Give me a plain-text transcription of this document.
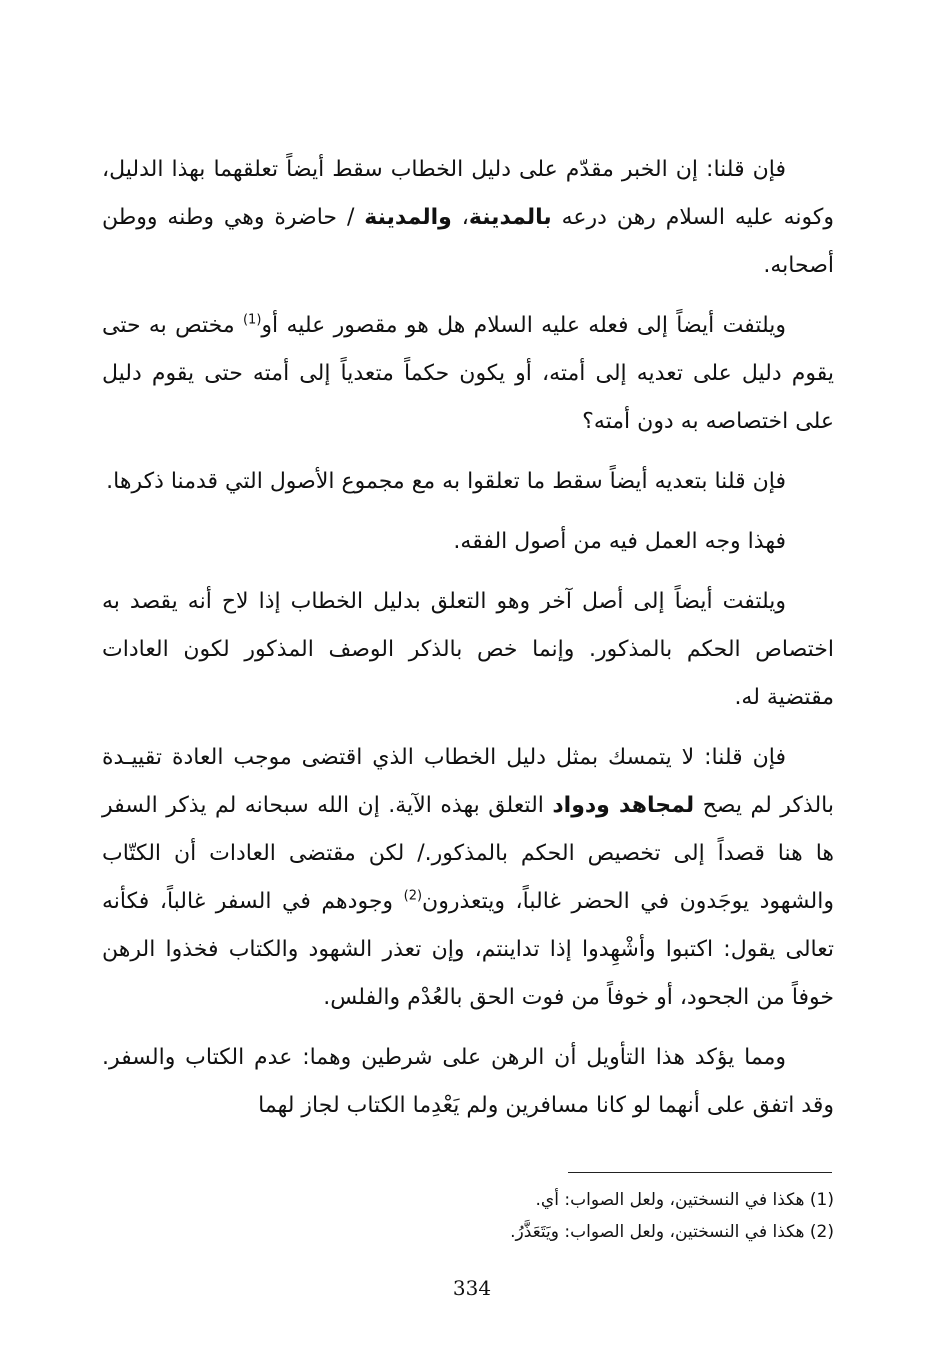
فإن قلنا: إن الخبر مقدّم على دليل الخطاب سقط أيضاً تعلقهما بهذا الدليل، وكونه عليه السلام رهن درعه بالمدينة، والمدينة / حاضرة وهي وطنه ووطن أصحابه.

ويلتفت أيضاً إلى فعله عليه السلام هل هو مقصور عليه أو$^{(1)}$ مختص به حتى يقوم دليل على تعديه إلى أمته، أو يكون حكماً متعدياً إلى أمته حتى يقوم دليل على اختصاصه به دون أمته؟

فإن قلنا بتعديه أيضاً سقط ما تعلقوا به مع مجموع الأصول التي قدمنا ذكرها.

فهذا وجه العمل فيه من أصول الفقه.

ويلتفت أيضاً إلى أصل آخر وهو التعلق بدليل الخطاب إذا لاح أنه يقصد به اختصاص الحكم بالمذكور. وإنما خص بالذكر الوصف المذكور لكون العادات مقتضية له.

فإن قلنا: لا يتمسك بمثل دليل الخطاب الذي اقتضى موجب العادة تقييـدة بالذكر لم يصح لمجاهد ودواد التعلق بهذه الآية. إن الله سبحانه لم يذكر السفر ها هنا قصداً إلى تخصيص الحكم بالمذكور./ لكن مقتضى العادات أن الكتّاب والشهود يوجَدون في الحضر غالباً، ويتعذرون$^{(2)}$ وجودهم في السفر غالباً، فكأنه تعالى يقول: اكتبوا وأشْهِدوا إذا تداينتم، وإن تعذر الشهود والكتاب فخذوا الرهن خوفاً من الجحود، أو خوفاً من فوت الحق بالعُدْم والفلس.

ومما يؤكد هذا التأويل أن الرهن على شرطين وهما: عدم الكتاب والسفر. وقد اتفق على أنهما لو كانا مسافرين ولم يَعْدِما الكتاب لجاز لهما

(1) هكذا في النسختين، ولعل الصواب: أي.

(2) هكذا في النسختين، ولعل الصواب: ويَتَعَذَّرُ.

334
